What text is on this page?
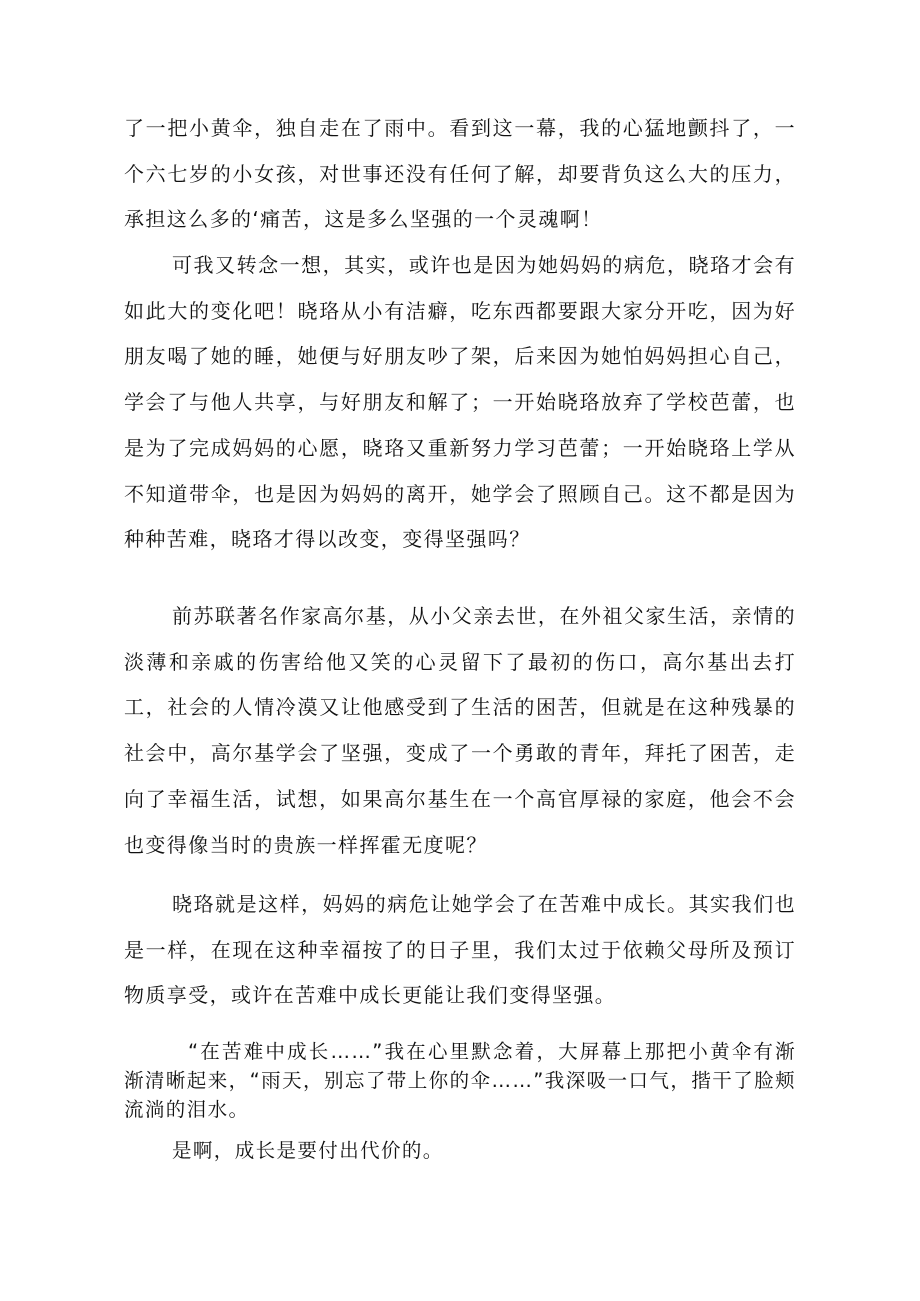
了一把小黄伞，独自走在了雨中。看到这一幕，我的心猛地颤抖了，一个六七岁的小女孩，对世事还没有任何了解，却要背负这么大的压力，承担这么多的‘痛苦，这是多么坚强的一个灵魂啊！

可我又转念一想，其实，或许也是因为她妈妈的病危，晓珞才会有如此大的变化吧！晓珞从小有洁癖，吃东西都要跟大家分开吃，因为好朋友喝了她的睡，她便与好朋友吵了架，后来因为她怕妈妈担心自己，学会了与他人共享，与好朋友和解了；一开始晓珞放弃了学校芭蕾，也是为了完成妈妈的心愿，晓珞又重新努力学习芭蕾；一开始晓珞上学从不知道带伞，也是因为妈妈的离开，她学会了照顾自己。这不都是因为种种苦难，晓珞才得以改变，变得坚强吗？

前苏联著名作家高尔基，从小父亲去世，在外祖父家生活，亲情的淡薄和亲戚的伤害给他又笑的心灵留下了最初的伤口，高尔基出去打工，社会的人情冷漠又让他感受到了生活的困苦，但就是在这种残暴的社会中，高尔基学会了坚强，变成了一个勇敢的青年，拜托了困苦，走向了幸福生活，试想，如果高尔基生在一个高官厚禄的家庭，他会不会也变得像当时的贵族一样挥霍无度呢？

晓珞就是这样，妈妈的病危让她学会了在苦难中成长。其实我们也是一样，在现在这种幸福按了的日子里，我们太过于依赖父母所及预订物质享受，或许在苦难中成长更能让我们变得坚强。

“在苦难中成长……”我在心里默念着，大屏幕上那把小黄伞有渐渐清晰起来，“雨天，别忘了带上你的伞……”我深吸一口气，揩干了脸颊流淌的泪水。

是啊，成长是要付出代价的。
